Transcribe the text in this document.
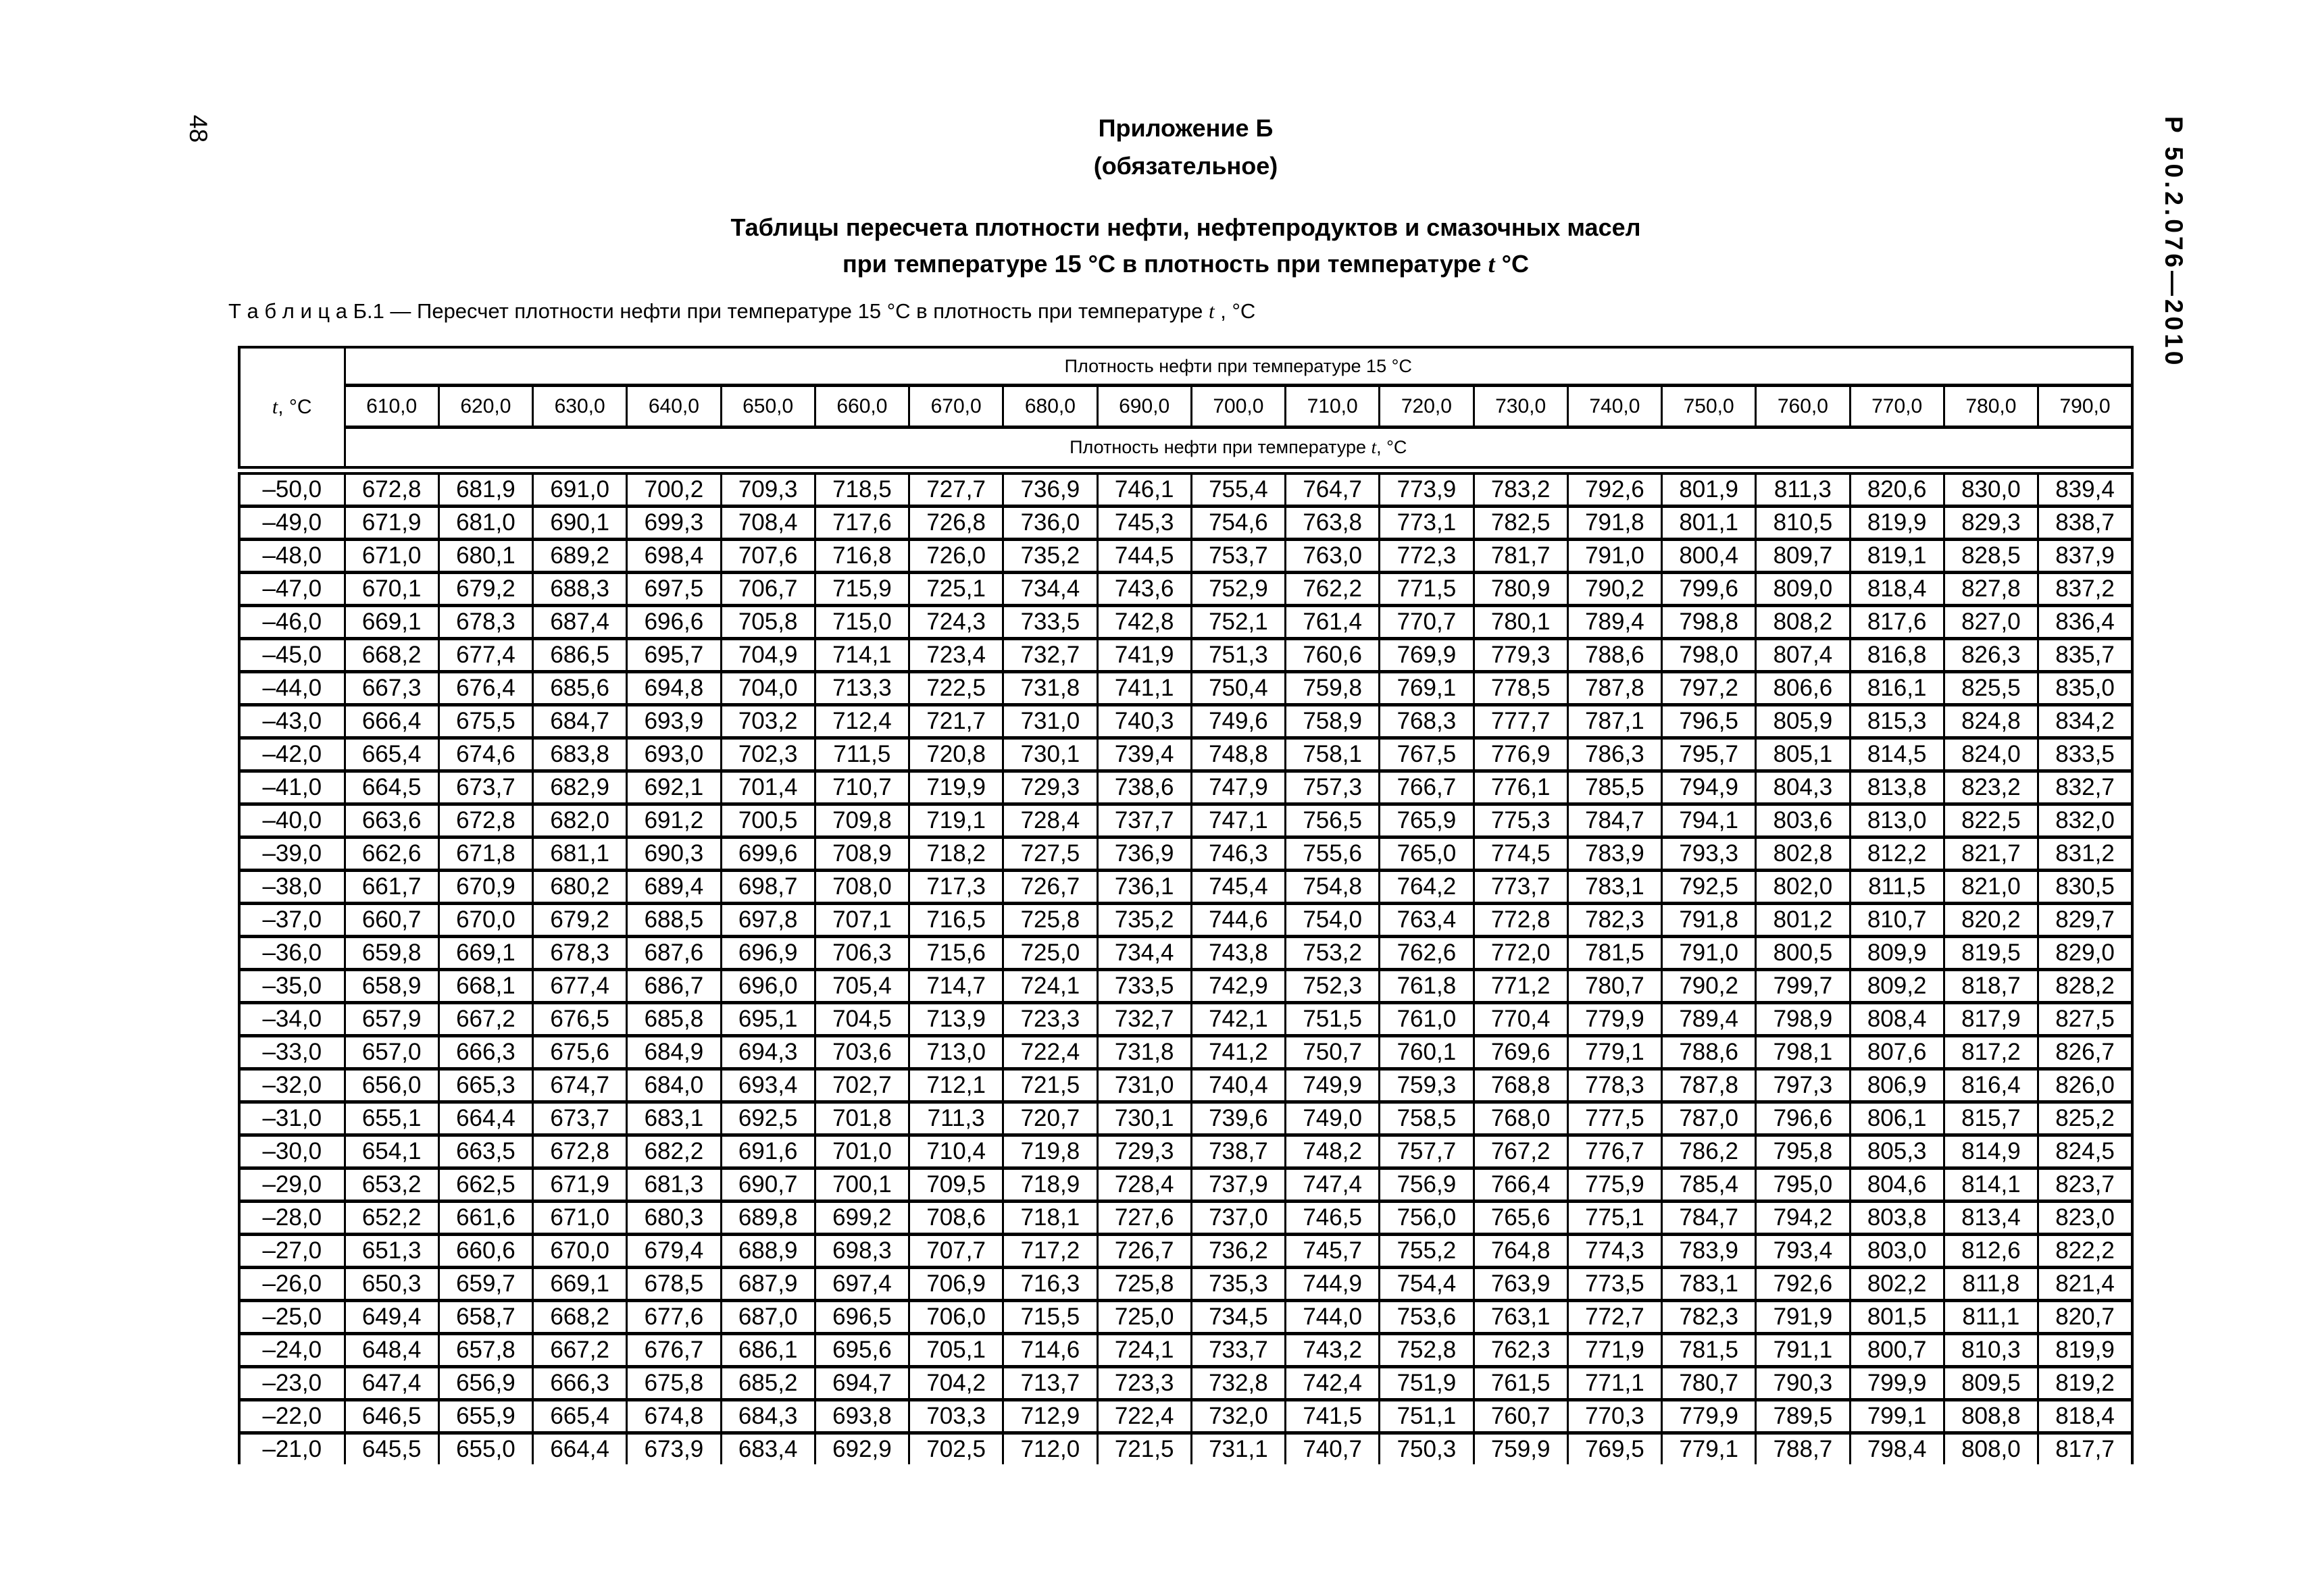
48	Р 50.2.076—2010
Приложение Б
(обязательное)
Таблицы пересчета плотности нефти, нефтепродуктов и смазочных масел
при температуре 15 °С в плотность при температуре t °С
Т а б л и ц а Б.1 — Пересчет плотности нефти при температуре 15 °С в плотность при температуре t , °С
t, °С	Плотность нефти при температуре 15 °С																		
	610,0	620,0	630,0	640,0	650,0	660,0	670,0	680,0	690,0	700,0	710,0	720,0	730,0	740,0	750,0	760,0	770,0	780,0	790,0
	Плотность нефти при температуре t, °С																		
–50,0	672,8	681,9	691,0	700,2	709,3	718,5	727,7	736,9	746,1	755,4	764,7	773,9	783,2	792,6	801,9	811,3	820,6	830,0	839,4
–49,0	671,9	681,0	690,1	699,3	708,4	717,6	726,8	736,0	745,3	754,6	763,8	773,1	782,5	791,8	801,1	810,5	819,9	829,3	838,7
–48,0	671,0	680,1	689,2	698,4	707,6	716,8	726,0	735,2	744,5	753,7	763,0	772,3	781,7	791,0	800,4	809,7	819,1	828,5	837,9
–47,0	670,1	679,2	688,3	697,5	706,7	715,9	725,1	734,4	743,6	752,9	762,2	771,5	780,9	790,2	799,6	809,0	818,4	827,8	837,2
–46,0	669,1	678,3	687,4	696,6	705,8	715,0	724,3	733,5	742,8	752,1	761,4	770,7	780,1	789,4	798,8	808,2	817,6	827,0	836,4
–45,0	668,2	677,4	686,5	695,7	704,9	714,1	723,4	732,7	741,9	751,3	760,6	769,9	779,3	788,6	798,0	807,4	816,8	826,3	835,7
–44,0	667,3	676,4	685,6	694,8	704,0	713,3	722,5	731,8	741,1	750,4	759,8	769,1	778,5	787,8	797,2	806,6	816,1	825,5	835,0
–43,0	666,4	675,5	684,7	693,9	703,2	712,4	721,7	731,0	740,3	749,6	758,9	768,3	777,7	787,1	796,5	805,9	815,3	824,8	834,2
–42,0	665,4	674,6	683,8	693,0	702,3	711,5	720,8	730,1	739,4	748,8	758,1	767,5	776,9	786,3	795,7	805,1	814,5	824,0	833,5
–41,0	664,5	673,7	682,9	692,1	701,4	710,7	719,9	729,3	738,6	747,9	757,3	766,7	776,1	785,5	794,9	804,3	813,8	823,2	832,7
–40,0	663,6	672,8	682,0	691,2	700,5	709,8	719,1	728,4	737,7	747,1	756,5	765,9	775,3	784,7	794,1	803,6	813,0	822,5	832,0
–39,0	662,6	671,8	681,1	690,3	699,6	708,9	718,2	727,5	736,9	746,3	755,6	765,0	774,5	783,9	793,3	802,8	812,2	821,7	831,2
–38,0	661,7	670,9	680,2	689,4	698,7	708,0	717,3	726,7	736,1	745,4	754,8	764,2	773,7	783,1	792,5	802,0	811,5	821,0	830,5
–37,0	660,7	670,0	679,2	688,5	697,8	707,1	716,5	725,8	735,2	744,6	754,0	763,4	772,8	782,3	791,8	801,2	810,7	820,2	829,7
–36,0	659,8	669,1	678,3	687,6	696,9	706,3	715,6	725,0	734,4	743,8	753,2	762,6	772,0	781,5	791,0	800,5	809,9	819,5	829,0
–35,0	658,9	668,1	677,4	686,7	696,0	705,4	714,7	724,1	733,5	742,9	752,3	761,8	771,2	780,7	790,2	799,7	809,2	818,7	828,2
–34,0	657,9	667,2	676,5	685,8	695,1	704,5	713,9	723,3	732,7	742,1	751,5	761,0	770,4	779,9	789,4	798,9	808,4	817,9	827,5
–33,0	657,0	666,3	675,6	684,9	694,3	703,6	713,0	722,4	731,8	741,2	750,7	760,1	769,6	779,1	788,6	798,1	807,6	817,2	826,7
–32,0	656,0	665,3	674,7	684,0	693,4	702,7	712,1	721,5	731,0	740,4	749,9	759,3	768,8	778,3	787,8	797,3	806,9	816,4	826,0
–31,0	655,1	664,4	673,7	683,1	692,5	701,8	711,3	720,7	730,1	739,6	749,0	758,5	768,0	777,5	787,0	796,6	806,1	815,7	825,2
–30,0	654,1	663,5	672,8	682,2	691,6	701,0	710,4	719,8	729,3	738,7	748,2	757,7	767,2	776,7	786,2	795,8	805,3	814,9	824,5
–29,0	653,2	662,5	671,9	681,3	690,7	700,1	709,5	718,9	728,4	737,9	747,4	756,9	766,4	775,9	785,4	795,0	804,6	814,1	823,7
–28,0	652,2	661,6	671,0	680,3	689,8	699,2	708,6	718,1	727,6	737,0	746,5	756,0	765,6	775,1	784,7	794,2	803,8	813,4	823,0
–27,0	651,3	660,6	670,0	679,4	688,9	698,3	707,7	717,2	726,7	736,2	745,7	755,2	764,8	774,3	783,9	793,4	803,0	812,6	822,2
–26,0	650,3	659,7	669,1	678,5	687,9	697,4	706,9	716,3	725,8	735,3	744,9	754,4	763,9	773,5	783,1	792,6	802,2	811,8	821,4
–25,0	649,4	658,7	668,2	677,6	687,0	696,5	706,0	715,5	725,0	734,5	744,0	753,6	763,1	772,7	782,3	791,9	801,5	811,1	820,7
–24,0	648,4	657,8	667,2	676,7	686,1	695,6	705,1	714,6	724,1	733,7	743,2	752,8	762,3	771,9	781,5	791,1	800,7	810,3	819,9
–23,0	647,4	656,9	666,3	675,8	685,2	694,7	704,2	713,7	723,3	732,8	742,4	751,9	761,5	771,1	780,7	790,3	799,9	809,5	819,2
–22,0	646,5	655,9	665,4	674,8	684,3	693,8	703,3	712,9	722,4	732,0	741,5	751,1	760,7	770,3	779,9	789,5	799,1	808,8	818,4
–21,0	645,5	655,0	664,4	673,9	683,4	692,9	702,5	712,0	721,5	731,1	740,7	750,3	759,9	769,5	779,1	788,7	798,4	808,0	817,7
